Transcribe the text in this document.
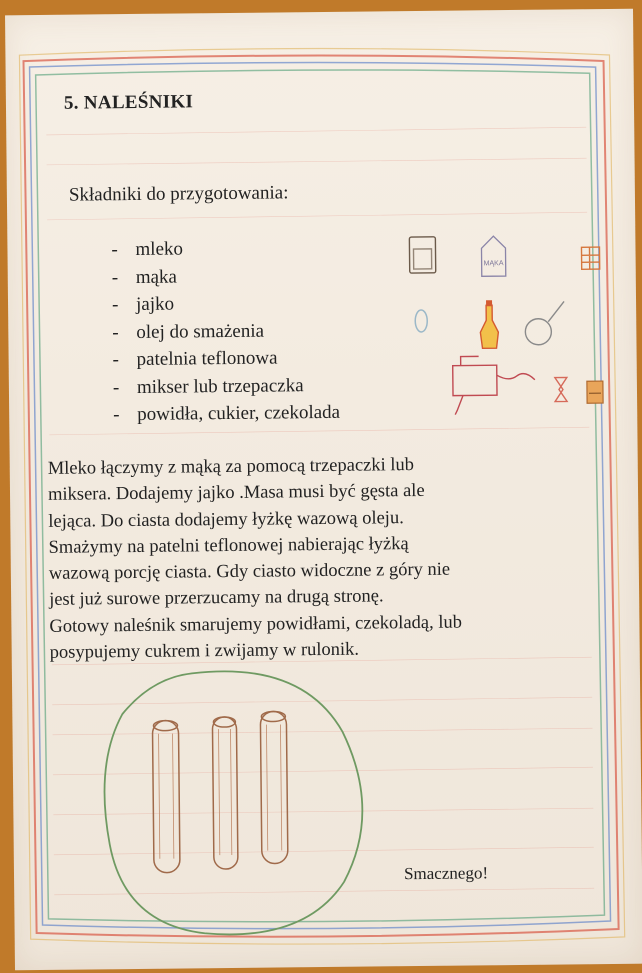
MĄKA
5. NALEŚNIKI

Składniki do przygotowania:

- mleko
- mąka
- jajko
- olej do smażenia
- patelnia teflonowa
- mikser lub trzepaczka
- powidła, cukier, czekolada
Mleko łączymy z mąką za pomocą trzepaczki lub
miksera. Dodajemy jajko .Masa musi być gęsta ale
lejąca. Do ciasta dodajemy łyżkę wazową oleju.
Smażymy na patelni teflonowej nabierając łyżką
wazową porcję ciasta. Gdy ciasto widoczne z góry nie
jest już surowe przerzucamy na drugą stronę.
Gotowy naleśnik smarujemy powidłami, czekoladą, lub
posypujemy cukrem i zwijamy w rulonik.

Smacznego!
